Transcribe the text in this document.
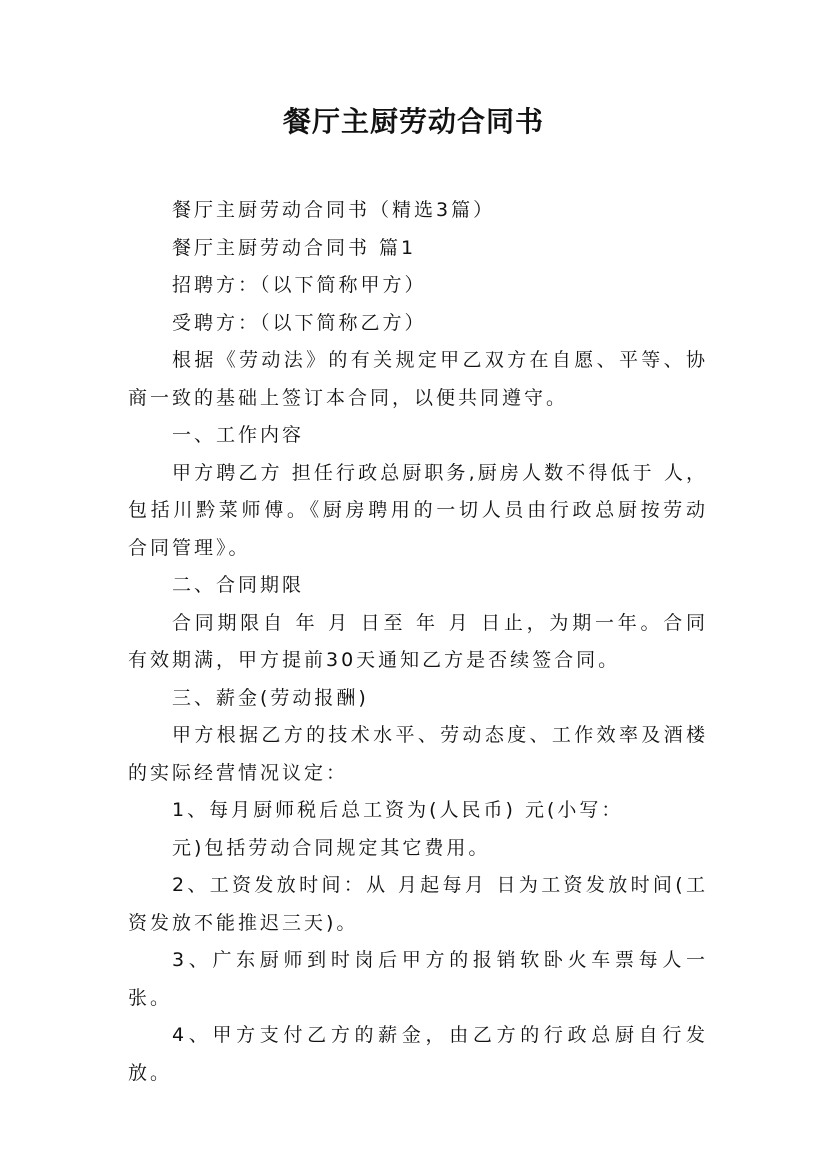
餐厅主厨劳动合同书

餐厅主厨劳动合同书（精选3篇）

餐厅主厨劳动合同书 篇1

招聘方：（以下简称甲方）

受聘方：（以下简称乙方）

根据《劳动法》的有关规定甲乙双方在自愿、平等、协商一致的基础上签订本合同，以便共同遵守。

一、工作内容

甲方聘乙方 担任行政总厨职务,厨房人数不得低于 人，包括川黔菜师傅。《厨房聘用的一切人员由行政总厨按劳动合同管理》。

二、合同期限

合同期限自 年 月 日至 年 月 日止，为期一年。合同有效期满，甲方提前30天通知乙方是否续签合同。

三、薪金(劳动报酬)

甲方根据乙方的技术水平、劳动态度、工作效率及酒楼的实际经营情况议定：

1、每月厨师税后总工资为(人民币) 元(小写：

元)包括劳动合同规定其它费用。

2、工资发放时间：从 月起每月 日为工资发放时间(工资发放不能推迟三天)。

3、广东厨师到时岗后甲方的报销软卧火车票每人一张。

4、甲方支付乙方的薪金，由乙方的行政总厨自行发放。
